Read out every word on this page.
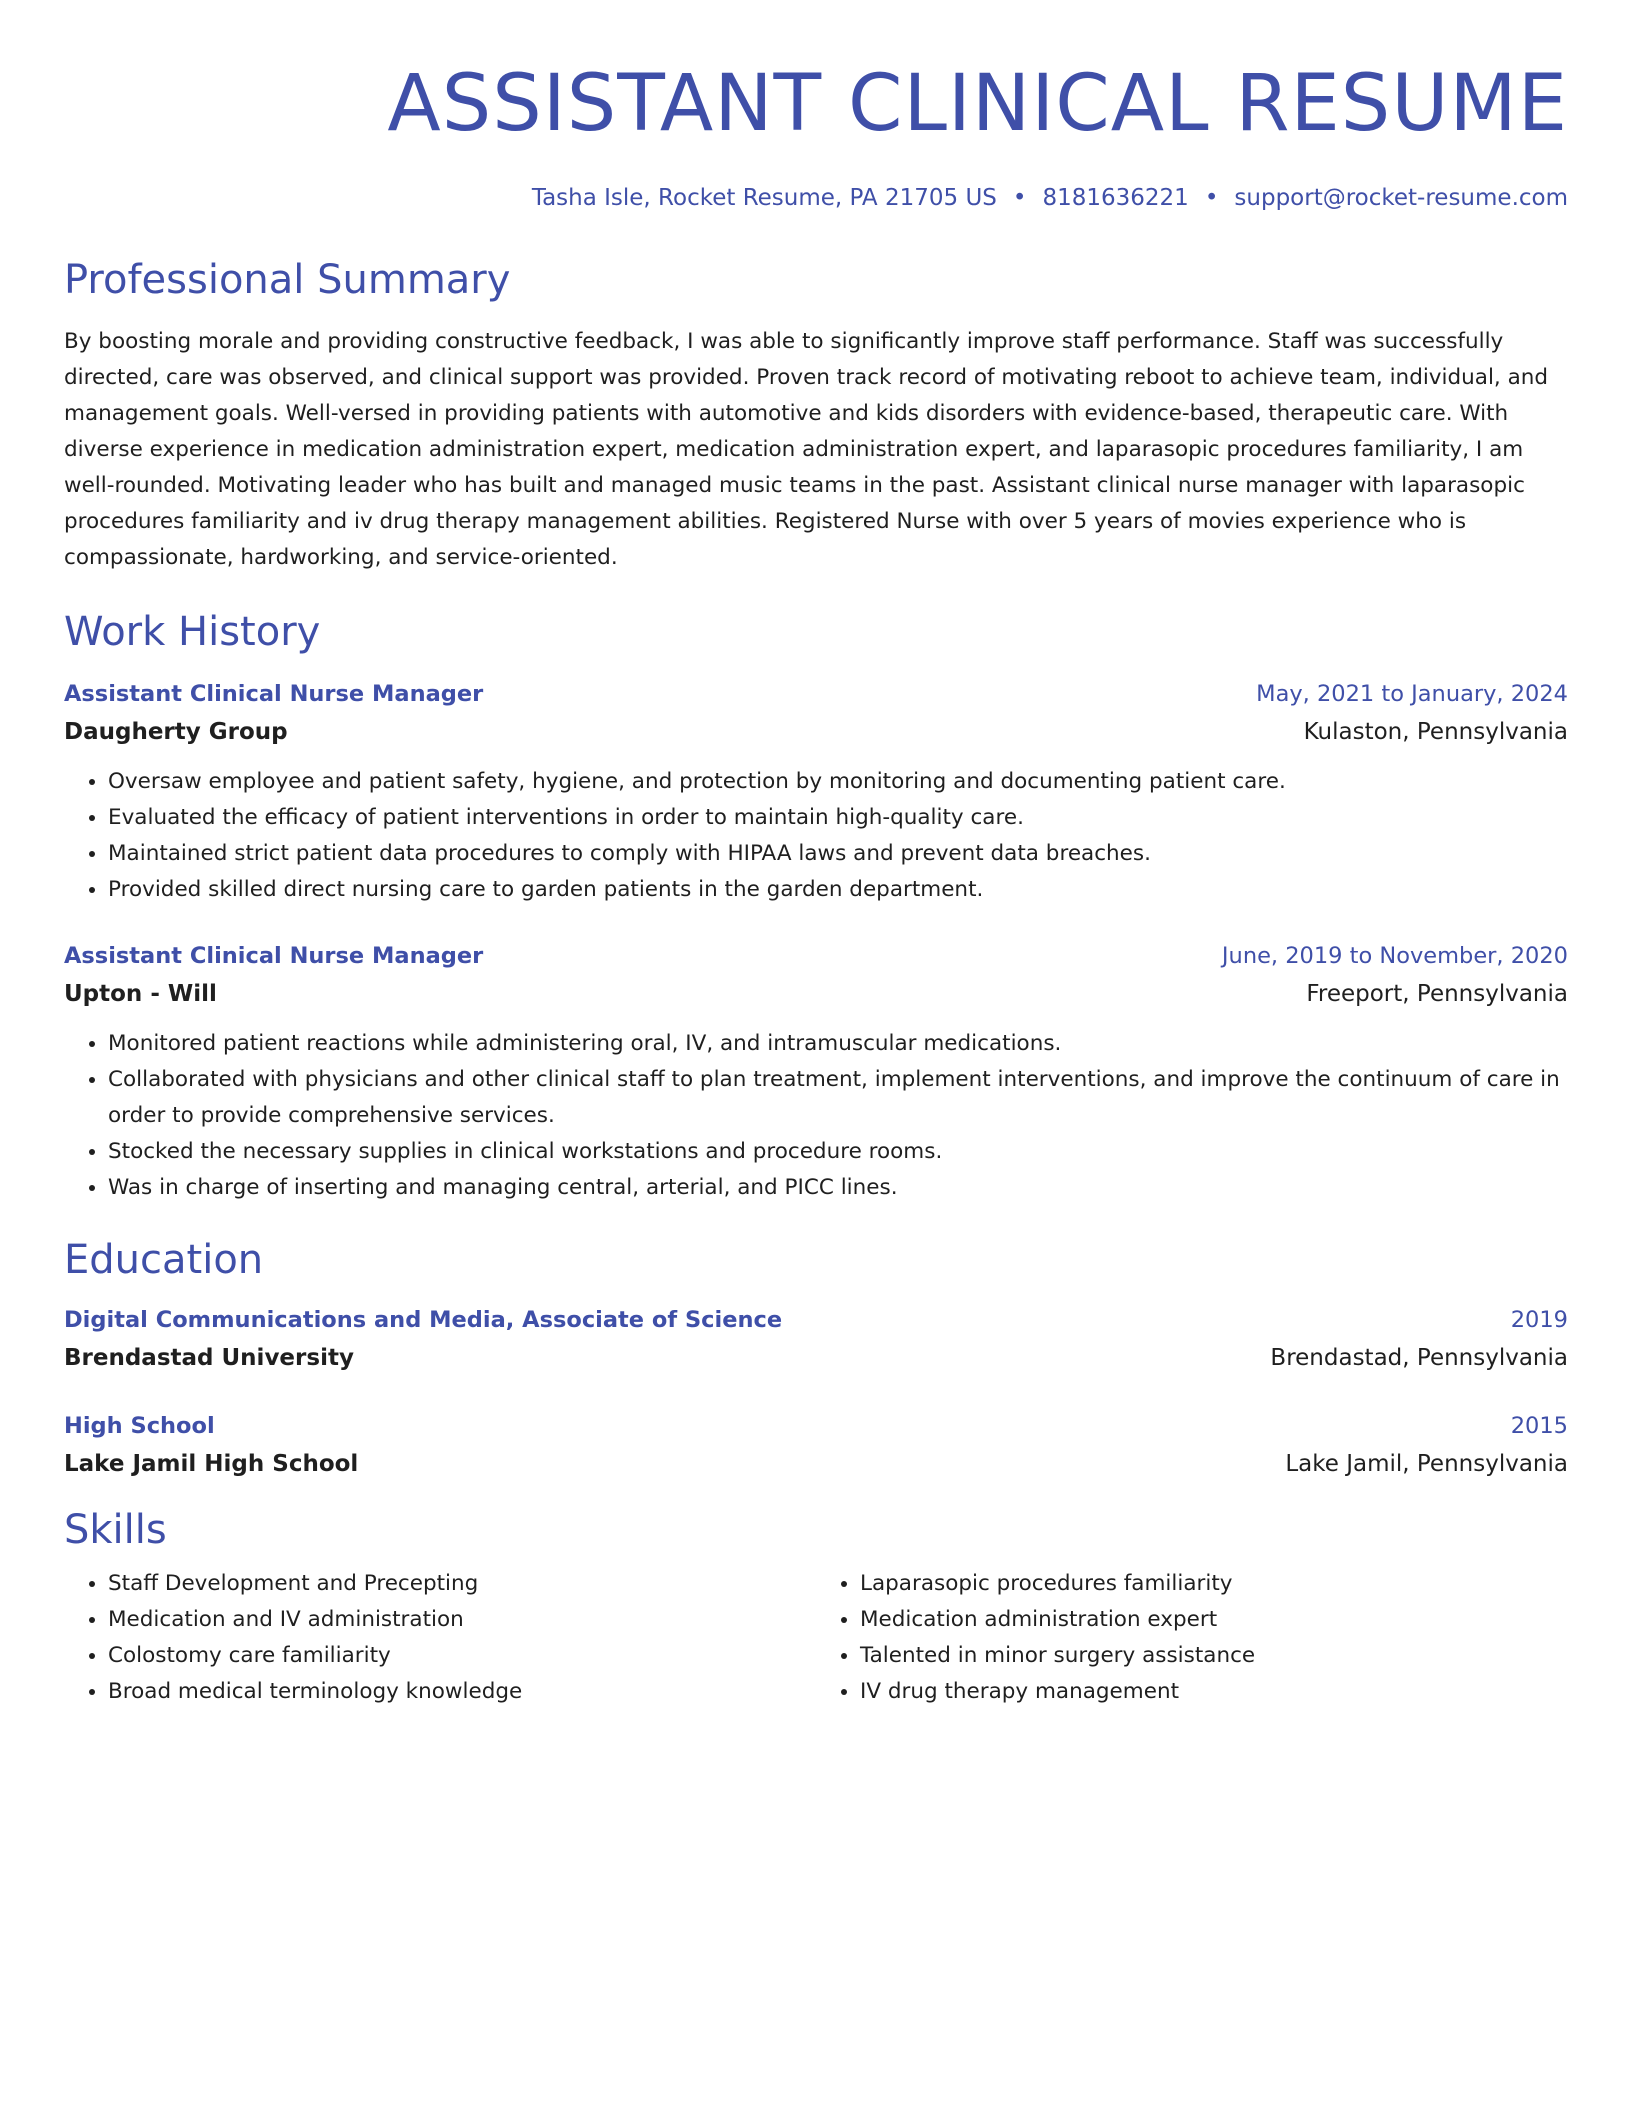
ASSISTANT CLINICAL RESUME
Tasha Isle, Rocket Resume, PA 21705 US • 8181636221 • support@rocket-resume.com
Professional Summary
By boosting morale and providing constructive feedback, I was able to significantly improve staff performance. Staff was successfully directed, care was observed, and clinical support was provided. Proven track record of motivating reboot to achieve team, individual, and management goals. Well-versed in providing patients with automotive and kids disorders with evidence-based, therapeutic care. With diverse experience in medication administration expert, medication administration expert, and laparasopic procedures familiarity, I am well-rounded. Motivating leader who has built and managed music teams in the past. Assistant clinical nurse manager with laparasopic procedures familiarity and iv drug therapy management abilities. Registered Nurse with over 5 years of movies experience who is compassionate, hardworking, and service-oriented.
Work History
Assistant Clinical Nurse Manager	May, 2021 to January, 2024
Daugherty Group	Kulaston, Pennsylvania
• Oversaw employee and patient safety, hygiene, and protection by monitoring and documenting patient care.
• Evaluated the efficacy of patient interventions in order to maintain high-quality care.
• Maintained strict patient data procedures to comply with HIPAA laws and prevent data breaches.
• Provided skilled direct nursing care to garden patients in the garden department.
Assistant Clinical Nurse Manager	June, 2019 to November, 2020
Upton - Will	Freeport, Pennsylvania
• Monitored patient reactions while administering oral, IV, and intramuscular medications.
• Collaborated with physicians and other clinical staff to plan treatment, implement interventions, and improve the continuum of care in order to provide comprehensive services.
• Stocked the necessary supplies in clinical workstations and procedure rooms.
• Was in charge of inserting and managing central, arterial, and PICC lines.
Education
Digital Communications and Media, Associate of Science	2019
Brendastad University	Brendastad, Pennsylvania
High School	2015
Lake Jamil High School	Lake Jamil, Pennsylvania
Skills
• Staff Development and Precepting
• Medication and IV administration
• Colostomy care familiarity
• Broad medical terminology knowledge
• Laparasopic procedures familiarity
• Medication administration expert
• Talented in minor surgery assistance
• IV drug therapy management
